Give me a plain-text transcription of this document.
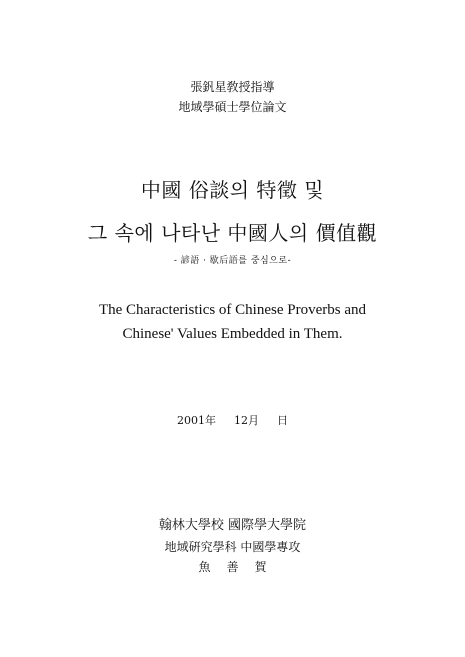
張釩星敎授指導
地域學碩士學位論文
中國 俗談의 特徵 및
그 속에 나타난 中國人의 價值觀
- 諺語 · 歇后語를 중심으로-
The Characteristics of Chinese Proverbs and
Chinese' Values Embedded in Them.
2001年 12月 日
翰林大學校 國際學大學院
地域硏究學科 中國學專攻
魚善賀
